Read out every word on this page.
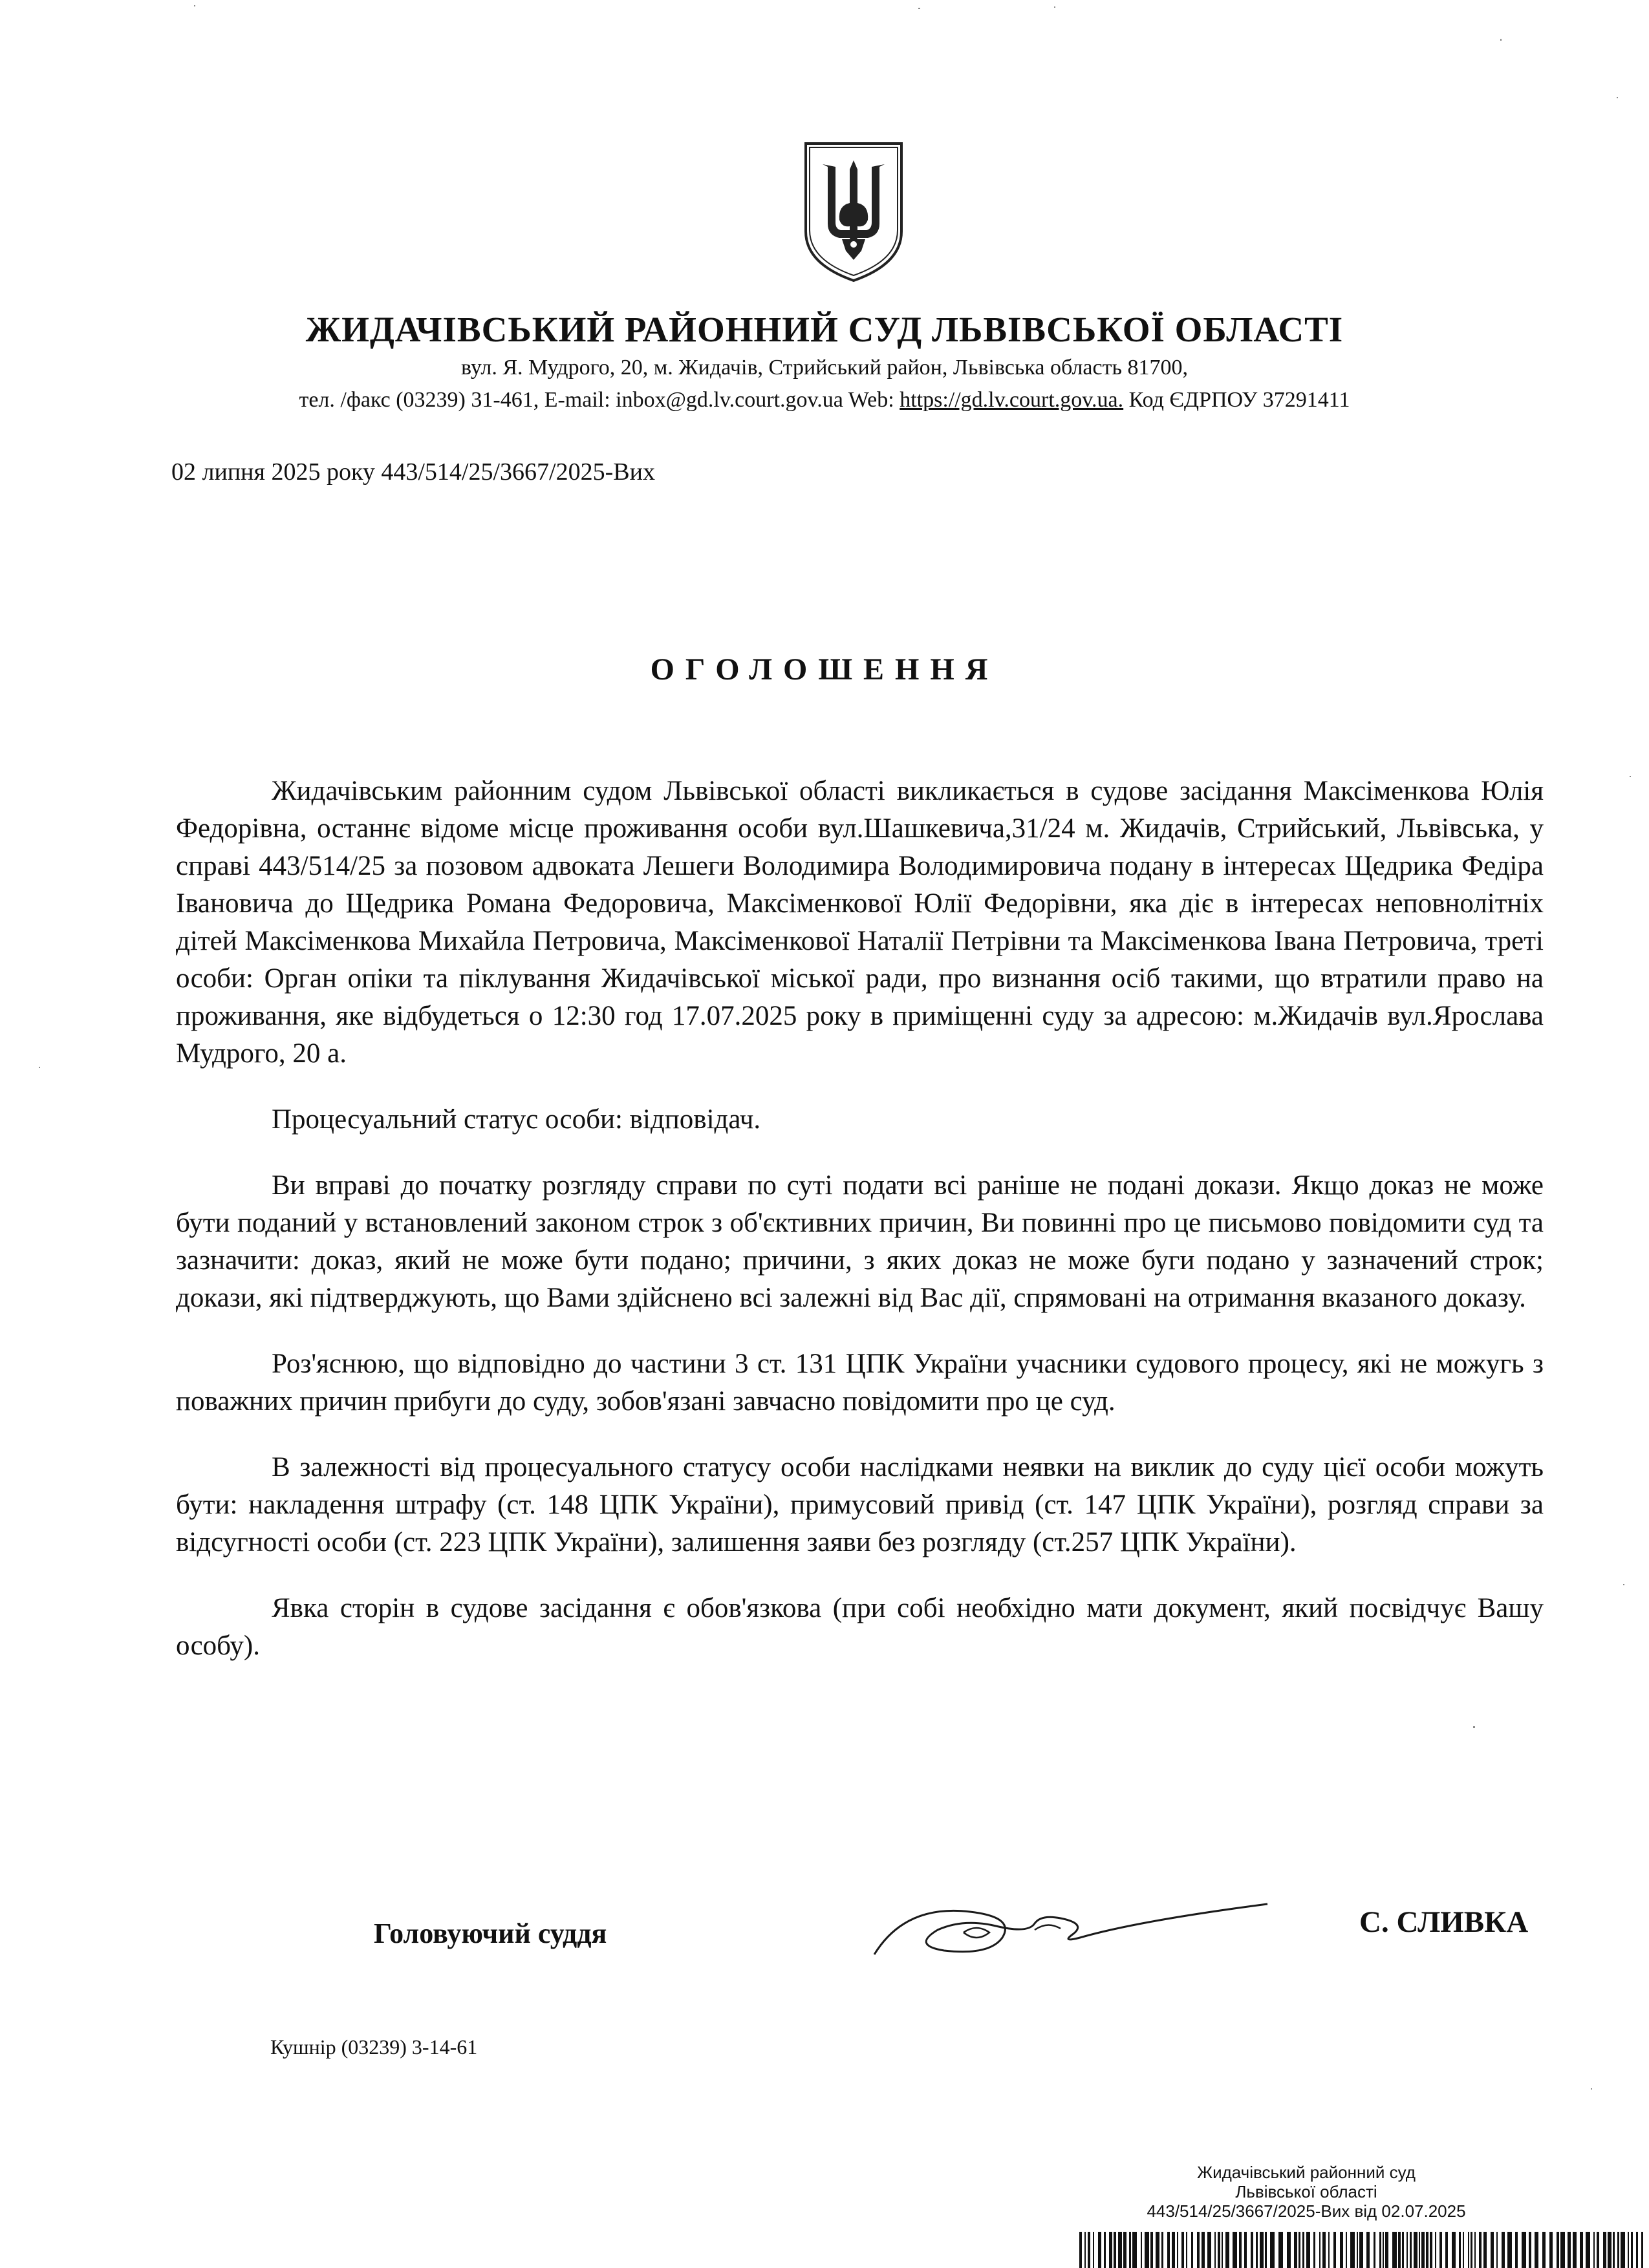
ЖИДАЧІВСЬКИЙ РАЙОННИЙ СУД ЛЬВІВСЬКОЇ ОБЛАСТІ
вул. Я. Мудрого, 20, м. Жидачів, Стрийський район, Львівська область 81700,
тел. /факс (03239) 31-461, E-mail: inbox@gd.lv.court.gov.ua Web: https://gd.lv.court.gov.ua. Код ЄДРПОУ 37291411
02 липня 2025 року 443/514/25/3667/2025-Вих
ОГОЛОШЕННЯ

Жидачівським районним судом Львівської області викликається в судове засідання Максіменкова Юлія Федорівна, останнє відоме місце проживання особи вул.Шашкевича,31/24 м. Жидачів, Стрийський, Львівська, у справі 443/514/25 за позовом адвоката Лешеги Володимира Володимировича подану в інтересах Щедрика Федіра Івановича до Щедрика Романа Федоровича, Максіменкової Юлії Федорівни, яка діє в інтересах неповнолітніх дітей Максіменкова Михайла Петровича, Максіменкової Наталії Петрівни та Максіменкова Івана Петровича, треті особи: Орган опіки та піклування Жидачівської міської ради, про визнання осіб такими, що втратили право на проживання, яке відбудеться о 12:30 год 17.07.2025 року в приміщенні суду за адресою: м.Жидачів вул.Ярослава Мудрого, 20 а.

Процесуальний статус особи: відповідач.

Ви вправі до початку розгляду справи по суті подати всі раніше не подані докази. Якщо доказ не може бути поданий у встановлений законом строк з об'єктивних причин, Ви повинні про це письмово повідомити суд та зазначити: доказ, який не може бути подано; причини, з яких доказ не може буги подано у зазначений строк; докази, які підтверджують, що Вами здійснено всі залежні від Вас дії, спрямовані на отримання вказаного доказу.

Роз'яснюю, що відповідно до частини 3 ст. 131 ЦПК України учасники судового процесу, які не можугь з поважних причин прибуги до суду, зобов'язані завчасно повідомити про це суд.

В залежності від процесуального статусу особи наслідками неявки на виклик до суду цієї особи можуть бути: накладення штрафу (ст. 148 ЦПК України), примусовий привід (ст. 147 ЦПК України), розгляд справи за відсугності особи (ст. 223 ЦПК України), залишення заяви без розгляду (ст.257 ЦПК України).

Явка сторін в судове засідання є обов'язкова (при собі необхідно мати документ, який посвідчує Вашу особу).

Головуючий суддя	С. СЛИВКА
Кушнір (03239) 3-14-61
Жидачівський районний суд
Львівської області
443/514/25/3667/2025-Вих від 02.07.2025
